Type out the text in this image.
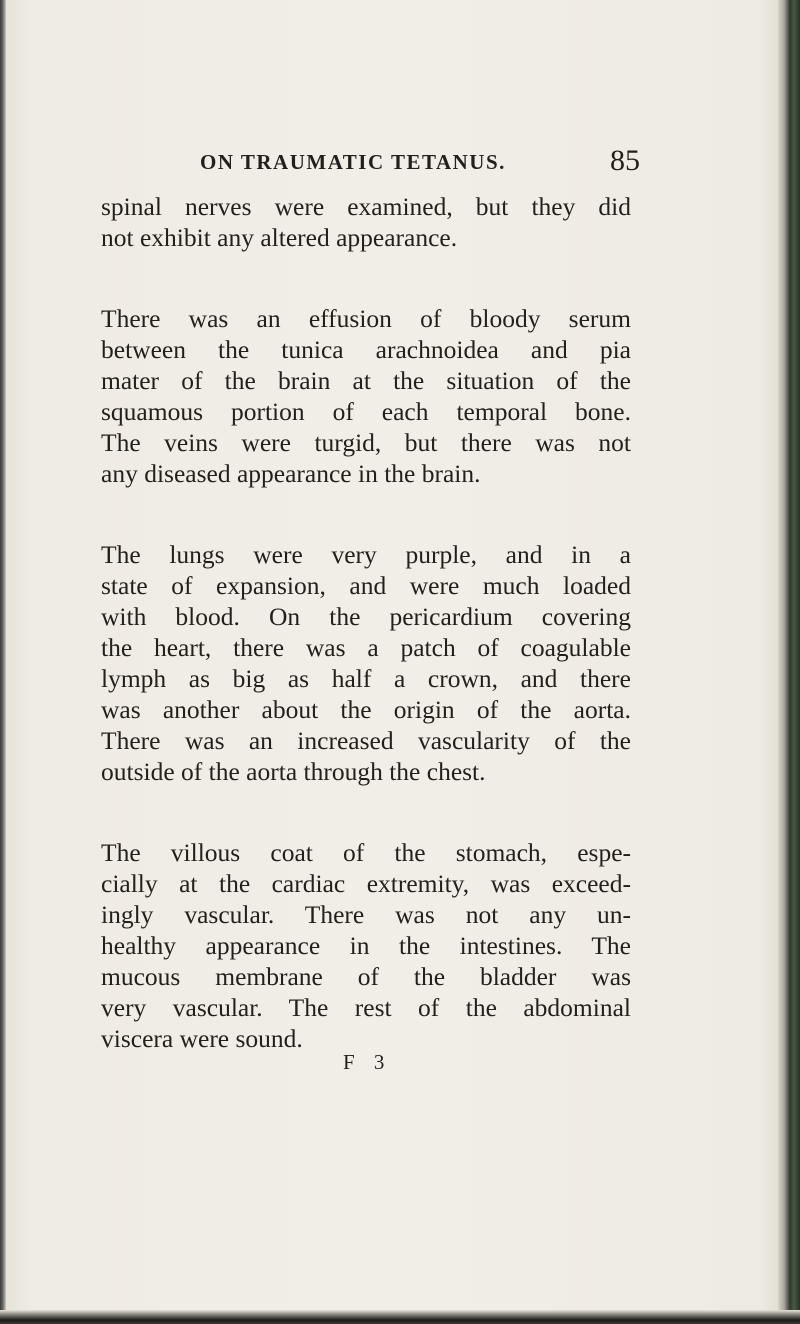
ON TRAUMATIC TETANUS.	85
spinal nerves were examined, but they did
not exhibit any altered appearance.
There was an effusion of bloody serum
between the tunica arachnoidea and pia
mater of the brain at the situation of the
squamous portion of each temporal bone.
The veins were turgid, but there was not
any diseased appearance in the brain.
The lungs were very purple, and in a
state of expansion, and were much loaded
with blood. On the pericardium covering
the heart, there was a patch of coagulable
lymph as big as half a crown, and there
was another about the origin of the aorta.
There was an increased vascularity of the
outside of the aorta through the chest.
The villous coat of the stomach, espe-
cially at the cardiac extremity, was exceed-
ingly vascular. There was not any un-
healthy appearance in the intestines. The
mucous membrane of the bladder was
very vascular. The rest of the abdominal
viscera were sound.
F 3
